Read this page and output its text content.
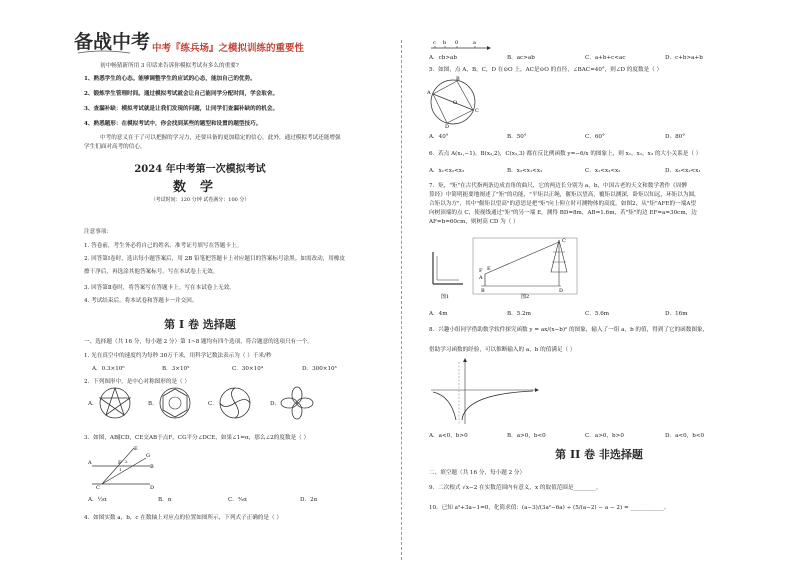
备战中考 中考『练兵场』之模拟训练的重要性
初中畅猜新所用 3 印话来告诉你模拟考试有多么的重要?
1、熟悉学生的心态。能够调整学生的应试的心态，能加自己的优势。
2、锻炼学生管理时间。通过模拟考试就会让自己能同学分配时间，学会取舍。
3、查漏补缺：模拟考试就是让我们发现的问题，让同学们查漏补缺的的机会。
4、熟悉题形：在模拟考试中，你会找到某些的题型和设置的题型技巧。
中考的意义在于了可以把握的学习力，还要具备的更加稳定的信心。此外，通过模拟考试还能增强
学生们面对高考的信心。
2024 年中考第一次模拟考试
数学
（考试时间：120 分钟 试卷满分：100 分）
注意事项：
1. 答卷前，考生务必将自己的姓名、准考证号填写在答题卡上。
2. 回答第Ⅰ卷时，选出每小题答案后，用 2B 铅笔把答题卡上对应题目的答案标号涂黑。如需改动，用橡皮
擦干净后，再选涂其他答案标号。写在本试卷上无效。
3. 回答第Ⅱ卷时，将答案写在答题卡上。写在本试卷上无效。
4. 考试结束后，将本试卷和答题卡一并交回。
第 I 卷 选择题
一、选择题（共 16 分，每小题 2 分）第 1~8 题均有四个选项，符合题意的选项只有一个。
1. 光在真空中的速度约为每秒 30万千米，用科学记数法表示为（ ）千米/秒
A．0.3×10⁶	B．3×10⁵	C．30×10⁴	D．300×10³
2．下列图形中，是中心对称图形的是（ ）
A．	B．	C．	D．
3．如图，AB∥CD，CE交AB于点F，CG平分∠DCE，如果∠1=α，那么∠2的度数是（ ）
E
A	F
1
2
G
B
C	D
A．½α	B．α	C．³⁄₂α	D．2α
4．如图实数 a，b，c 在数轴上对应点的位置如图所示，下列式子正确的是（ ）
c b 0	a
A．cb>ab	B．ac>ab	C．a+b+c<ac	D．c+b>a+b
5．如图，点 A，B，C，D 在⊙O 上，AC是⊙O 的直径，∠BAC=40°，则∠D 的度数是（ ）
B
A
O
C
D
A．40°	B．50°	C．60°	D．80°
6．若点 A(x₁,−1)，B(x₂,2)，C(x₃,3) 都在反比例函数 y=−6/x 的图象上，则 x₁，x₂，x₃ 的大小关系是（ ）
A．x₁<x₂<x₃	B．x₂<x₁<x₃	C．x₁<x₃<x₂	D．x₃<x₂<x₁
7．矩，"矩"在古代指两条边成直角的曲尺，它的两边长分别为 a，b，中国古老的天文和数学著作《周髀
算经》中简明扼要地阐述了"矩"的功能，"平矩以正绳，偃矩以望高，覆矩以测深，卧矩以知远，环矩以为圆，
合矩以为方"，其中"偃矩以望高"的意思是把"矩"向上仰立时可测物体的高度。如图2，从"矩"AFE的一端A望
向树顶端的点 C，使视线通过"矩"的另一端 E，测得 BD=8m，AB=1.6m，若"矩"的边 EF=a=30cm，边
AF=b=60cm，则树高 CD 为（ ）
图1	图2
C
E
F
A
B	D
A．4m	B．5.2m	C．5.6m	D．16m
8．兴趣小组同学借助数学软件探究函数 y = ax/(x−b)² 的图象，输入了一组 a，b 的值，得到了它的函数图象，
借助学习函数的经验，可以推断输入的 a，b 的值满足（ ）
A．a<0，b>0	B．a>0，b<0	C．a>0，b>0	D．a<0，b<0
第 II 卷 非选择题
二、填空题（共 16 分，每小题 2 分）
9．二次根式 √x−2 在实数范围内有意义，x 的取值范围是________。
10．已知 a²+3a−1=0，化简求值：(a−3)/(3a²−6a) ÷ (5/(a−2) − a − 2) = ____________。
